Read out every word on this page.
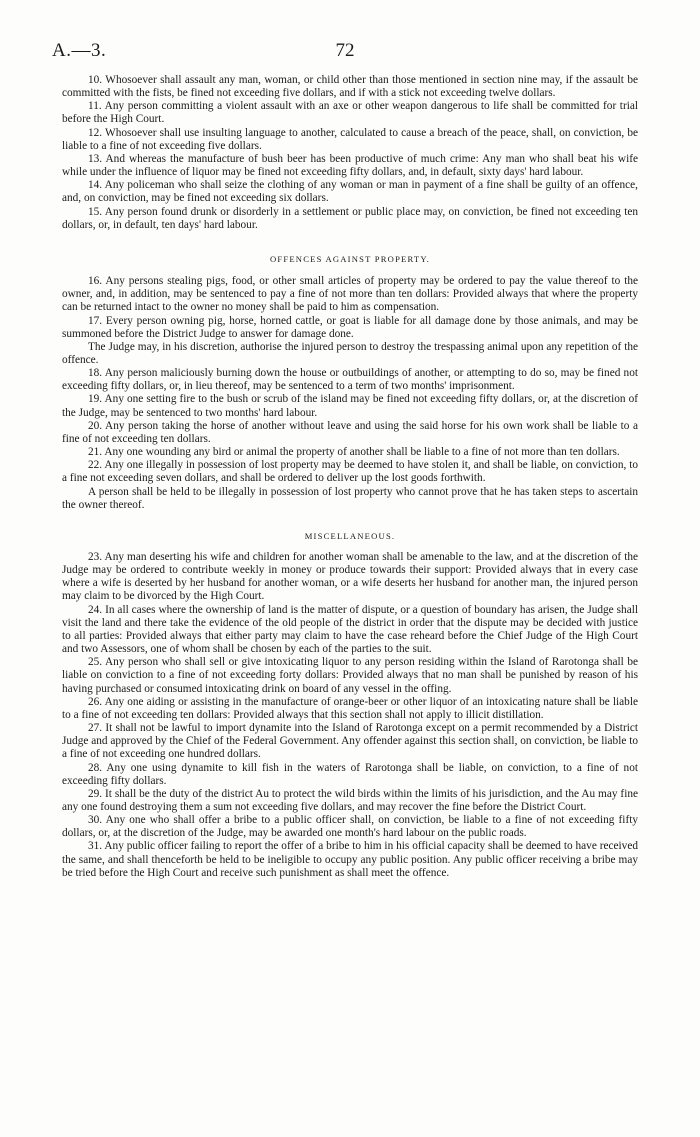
A.—3.	72

10. Whosoever shall assault any man, woman, or child other than those mentioned in section nine may, if the assault be committed with the fists, be fined not exceeding five dollars, and if with a stick not exceeding twelve dollars.

11. Any person committing a violent assault with an axe or other weapon dangerous to life shall be committed for trial before the High Court.

12. Whosoever shall use insulting language to another, calculated to cause a breach of the peace, shall, on conviction, be liable to a fine of not exceeding five dollars.

13. And whereas the manufacture of bush beer has been productive of much crime: Any man who shall beat his wife while under the influence of liquor may be fined not exceeding fifty dollars, and, in default, sixty days' hard labour.

14. Any policeman who shall seize the clothing of any woman or man in payment of a fine shall be guilty of an offence, and, on conviction, may be fined not exceeding six dollars.

15. Any person found drunk or disorderly in a settlement or public place may, on conviction, be fined not exceeding ten dollars, or, in default, ten days' hard labour.

OFFENCES AGAINST PROPERTY.

16. Any persons stealing pigs, food, or other small articles of property may be ordered to pay the value thereof to the owner, and, in addition, may be sentenced to pay a fine of not more than ten dollars: Provided always that where the property can be returned intact to the owner no money shall be paid to him as compensation.

17. Every person owning pig, horse, horned cattle, or goat is liable for all damage done by those animals, and may be summoned before the District Judge to answer for damage done.

The Judge may, in his discretion, authorise the injured person to destroy the trespassing animal upon any repetition of the offence.

18. Any person maliciously burning down the house or outbuildings of another, or attempting to do so, may be fined not exceeding fifty dollars, or, in lieu thereof, may be sentenced to a term of two months' imprisonment.

19. Any one setting fire to the bush or scrub of the island may be fined not exceeding fifty dollars, or, at the discretion of the Judge, may be sentenced to two months' hard labour.

20. Any person taking the horse of another without leave and using the said horse for his own work shall be liable to a fine of not exceeding ten dollars.

21. Any one wounding any bird or animal the property of another shall be liable to a fine of not more than ten dollars.

22. Any one illegally in possession of lost property may be deemed to have stolen it, and shall be liable, on conviction, to a fine not exceeding seven dollars, and shall be ordered to deliver up the lost goods forthwith.

A person shall be held to be illegally in possession of lost property who cannot prove that he has taken steps to ascertain the owner thereof.

MISCELLANEOUS.

23. Any man deserting his wife and children for another woman shall be amenable to the law, and at the discretion of the Judge may be ordered to contribute weekly in money or produce towards their support: Provided always that in every case where a wife is deserted by her husband for another woman, or a wife deserts her husband for another man, the injured person may claim to be divorced by the High Court.

24. In all cases where the ownership of land is the matter of dispute, or a question of boundary has arisen, the Judge shall visit the land and there take the evidence of the old people of the district in order that the dispute may be decided with justice to all parties: Provided always that either party may claim to have the case reheard before the Chief Judge of the High Court and two Assessors, one of whom shall be chosen by each of the parties to the suit.

25. Any person who shall sell or give intoxicating liquor to any person residing within the Island of Rarotonga shall be liable on conviction to a fine of not exceeding forty dollars: Provided always that no man shall be punished by reason of his having purchased or consumed intoxicating drink on board of any vessel in the offing.

26. Any one aiding or assisting in the manufacture of orange-beer or other liquor of an intoxicating nature shall be liable to a fine of not exceeding ten dollars: Provided always that this section shall not apply to illicit distillation.

27. It shall not be lawful to import dynamite into the Island of Rarotonga except on a permit recommended by a District Judge and approved by the Chief of the Federal Government. Any offender against this section shall, on conviction, be liable to a fine of not exceeding one hundred dollars.

28. Any one using dynamite to kill fish in the waters of Rarotonga shall be liable, on conviction, to a fine of not exceeding fifty dollars.

29. It shall be the duty of the district Au to protect the wild birds within the limits of his jurisdiction, and the Au may fine any one found destroying them a sum not exceeding five dollars, and may recover the fine before the District Court.

30. Any one who shall offer a bribe to a public officer shall, on conviction, be liable to a fine of not exceeding fifty dollars, or, at the discretion of the Judge, may be awarded one month's hard labour on the public roads.

31. Any public officer failing to report the offer of a bribe to him in his official capacity shall be deemed to have received the same, and shall thenceforth be held to be ineligible to occupy any public position. Any public officer receiving a bribe may be tried before the High Court and receive such punishment as shall meet the offence.
